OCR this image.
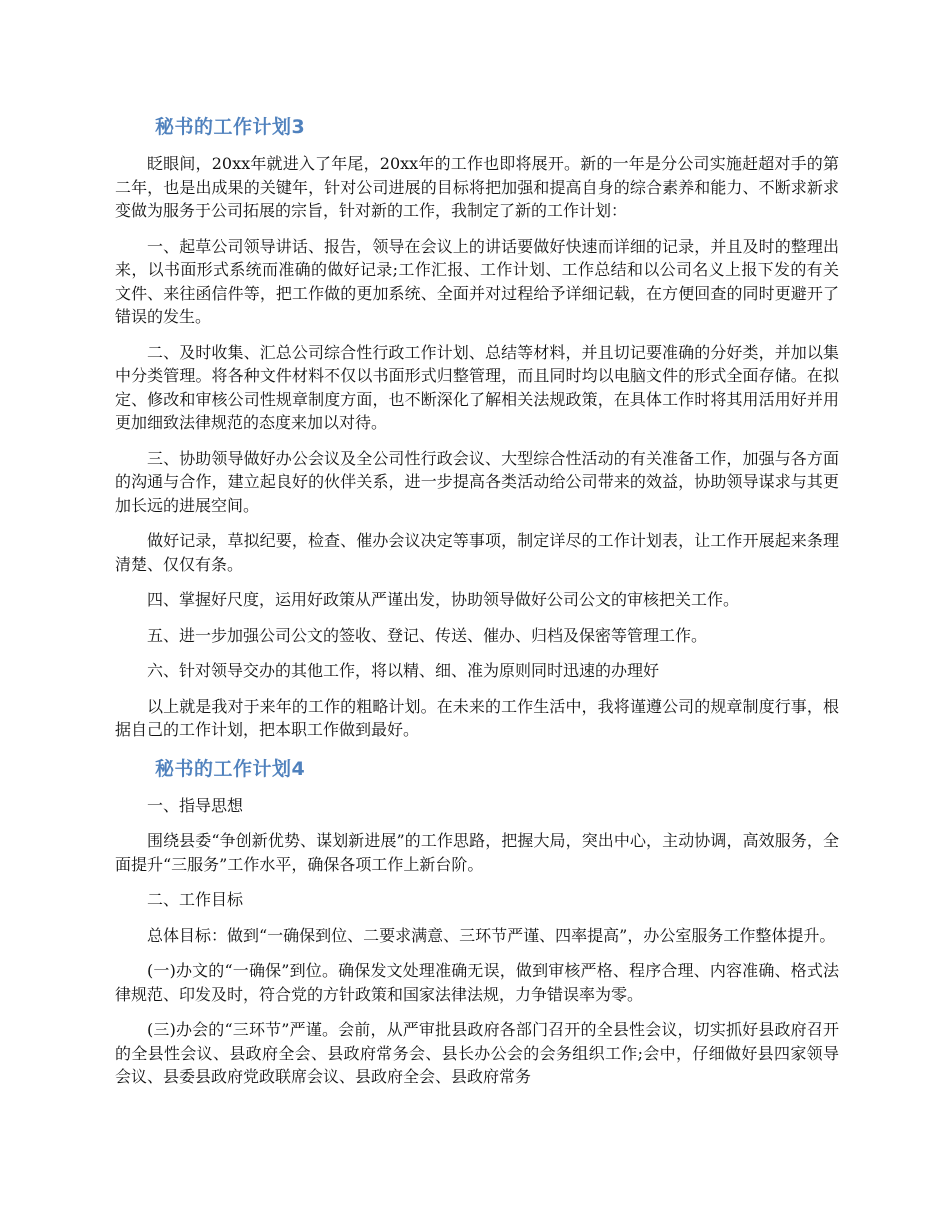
秘书的工作计划3

眨眼间，20xx年就进入了年尾，20xx年的工作也即将展开。新的一年是分公司实施赶超对手的第二年，也是出成果的关键年，针对公司进展的目标将把加强和提高自身的综合素养和能力、不断求新求变做为服务于公司拓展的宗旨，针对新的工作，我制定了新的工作计划：

一、起草公司领导讲话、报告，领导在会议上的讲话要做好快速而详细的记录，并且及时的整理出来，以书面形式系统而准确的做好记录;工作汇报、工作计划、工作总结和以公司名义上报下发的有关文件、来往函信件等，把工作做的更加系统、全面并对过程给予详细记载，在方便回查的同时更避开了错误的发生。

二、及时收集、汇总公司综合性行政工作计划、总结等材料，并且切记要准确的分好类，并加以集中分类管理。将各种文件材料不仅以书面形式归整管理，而且同时均以电脑文件的形式全面存储。在拟定、修改和审核公司性规章制度方面，也不断深化了解相关法规政策，在具体工作时将其用活用好并用更加细致法律规范的态度来加以对待。

三、协助领导做好办公会议及全公司性行政会议、大型综合性活动的有关准备工作，加强与各方面的沟通与合作，建立起良好的伙伴关系，进一步提高各类活动给公司带来的效益，协助领导谋求与其更加长远的进展空间。

做好记录，草拟纪要，检查、催办会议决定等事项，制定详尽的工作计划表，让工作开展起来条理清楚、仅仅有条。

四、掌握好尺度，运用好政策从严谨出发，协助领导做好公司公文的审核把关工作。

五、进一步加强公司公文的签收、登记、传送、催办、归档及保密等管理工作。

六、针对领导交办的其他工作，将以精、细、准为原则同时迅速的办理好

以上就是我对于来年的工作的粗略计划。在未来的工作生活中，我将谨遵公司的规章制度行事，根据自己的工作计划，把本职工作做到最好。

秘书的工作计划4

一、指导思想

围绕县委“争创新优势、谋划新进展”的工作思路，把握大局，突出中心，主动协调，高效服务，全面提升“三服务”工作水平，确保各项工作上新台阶。

二、工作目标

总体目标：做到“一确保到位、二要求满意、三环节严谨、四率提高”，办公室服务工作整体提升。

(一)办文的“一确保”到位。确保发文处理准确无误，做到审核严格、程序合理、内容准确、格式法律规范、印发及时，符合党的方针政策和国家法律法规，力争错误率为零。

(三)办会的“三环节”严谨。会前，从严审批县政府各部门召开的全县性会议，切实抓好县政府召开的全县性会议、县政府全会、县政府常务会、县长办公会的会务组织工作;会中，仔细做好县四家领导会议、县委县政府党政联席会议、县政府全会、县政府常务
